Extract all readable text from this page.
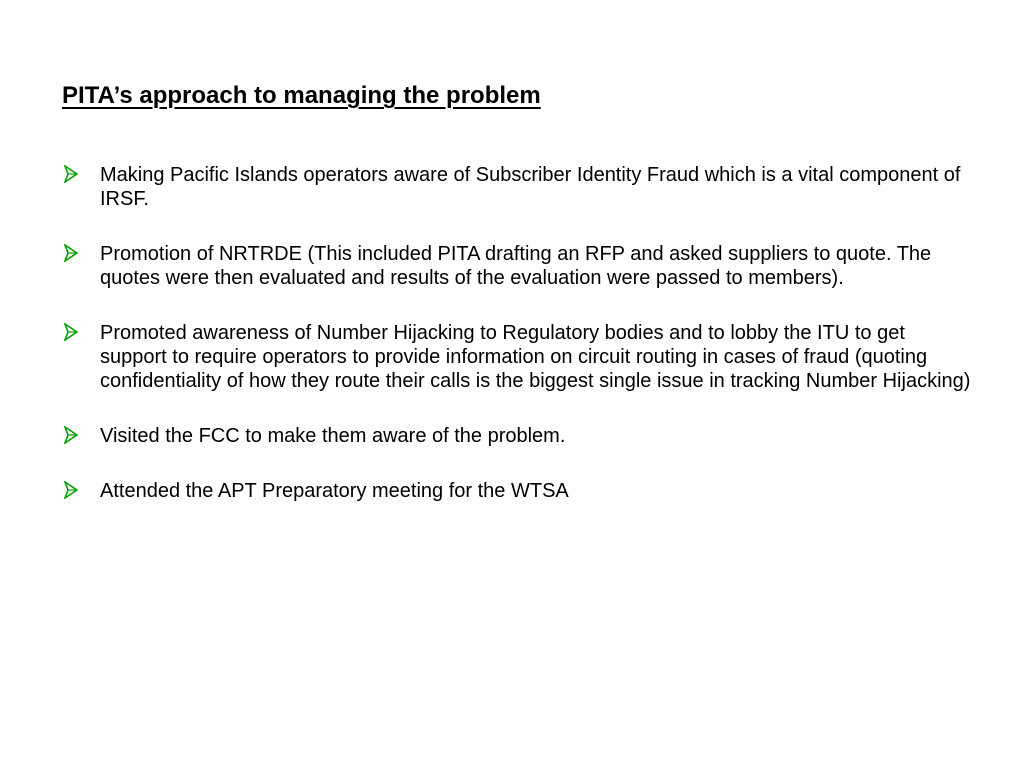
PITA’s approach to managing the problem
Making Pacific Islands operators aware of Subscriber Identity Fraud which is a vital component of IRSF.
Promotion of NRTRDE (This included PITA drafting an RFP and asked suppliers to quote. The quotes were then evaluated and results of the evaluation were passed to members).
Promoted awareness of Number Hijacking to Regulatory bodies and to lobby the ITU to get support to require operators to provide information on circuit routing in cases of fraud (quoting confidentiality of how they route their calls is the biggest single issue in tracking Number Hijacking)
Visited the FCC to make them aware of the problem.
Attended the APT Preparatory meeting for the WTSA
